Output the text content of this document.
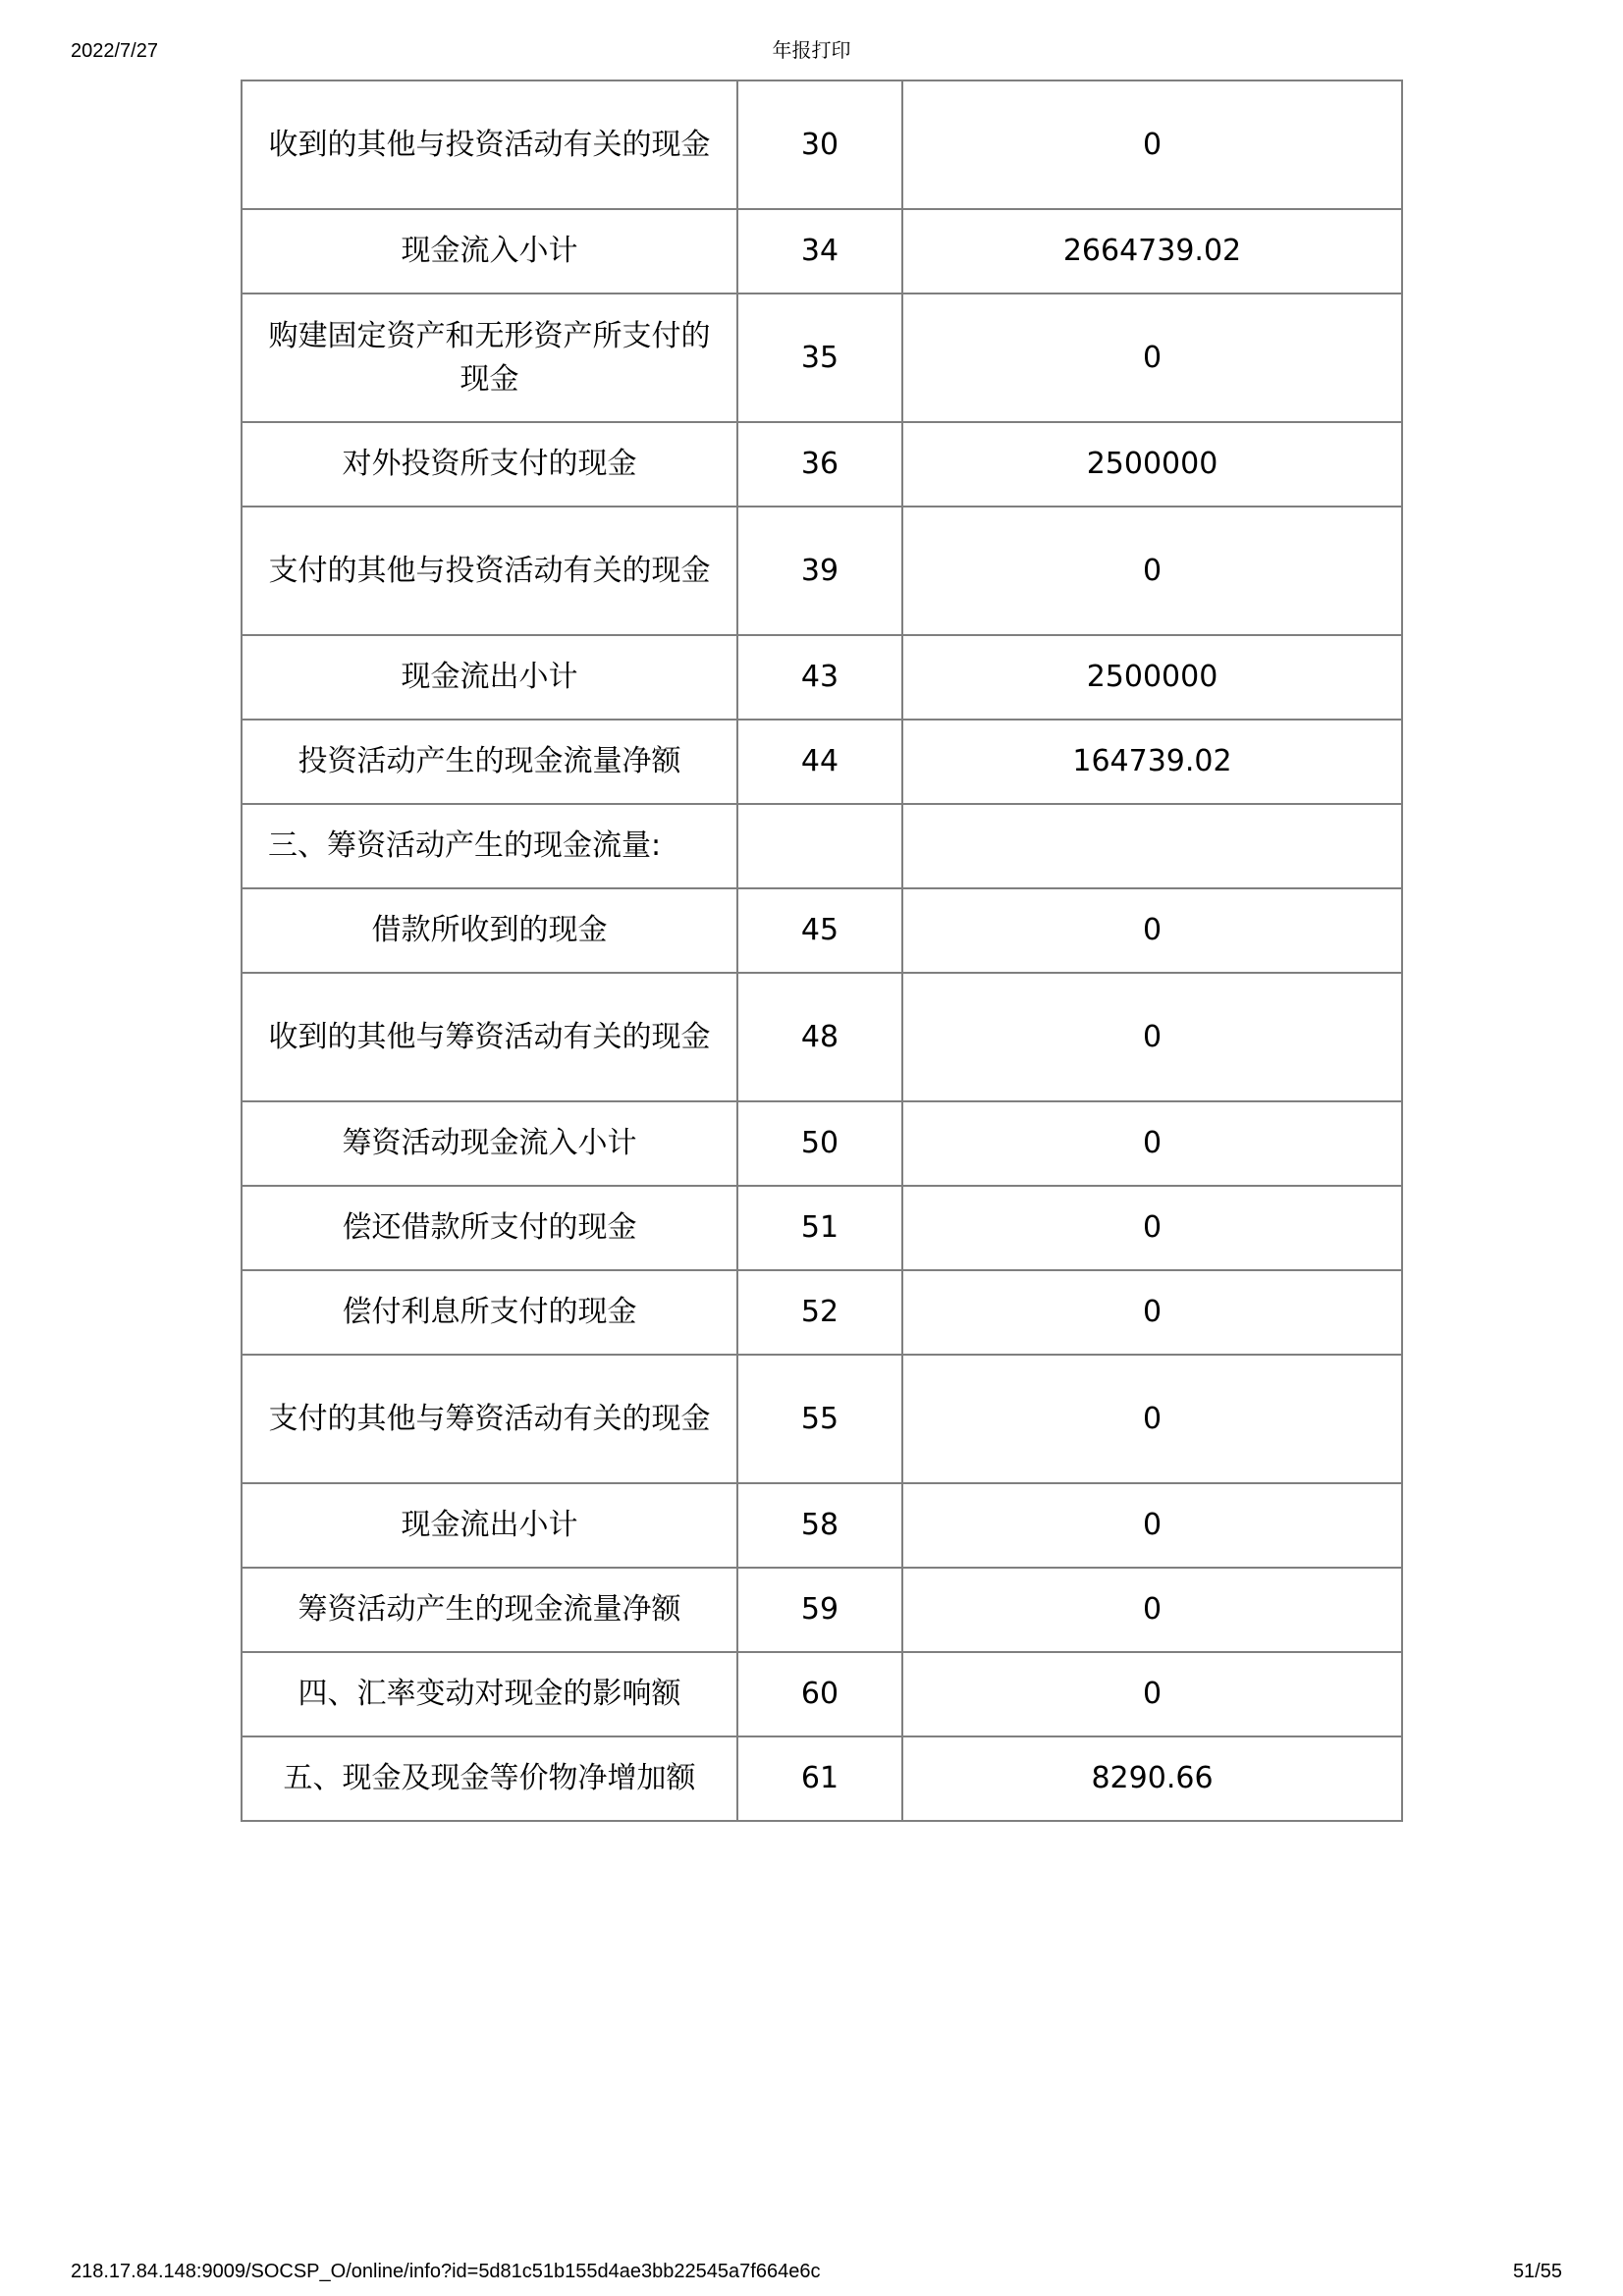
2022/7/27	年报打印
收到的其他与投资活动有关的现金	30	0
现金流入小计	34	2664739.02
购建固定资产和无形资产所支付的现金	35	0
对外投资所支付的现金	36	2500000
支付的其他与投资活动有关的现金	39	0
现金流出小计	43	2500000
投资活动产生的现金流量净额	44	164739.02
三、筹资活动产生的现金流量:		
借款所收到的现金	45	0
收到的其他与筹资活动有关的现金	48	0
筹资活动现金流入小计	50	0
偿还借款所支付的现金	51	0
偿付利息所支付的现金	52	0
支付的其他与筹资活动有关的现金	55	0
现金流出小计	58	0
筹资活动产生的现金流量净额	59	0
四、汇率变动对现金的影响额	60	0
五、现金及现金等价物净增加额	61	8290.66
218.17.84.148:9009/SOCSP_O/online/info?id=5d81c51b155d4ae3bb22545a7f664e6c	51/55
